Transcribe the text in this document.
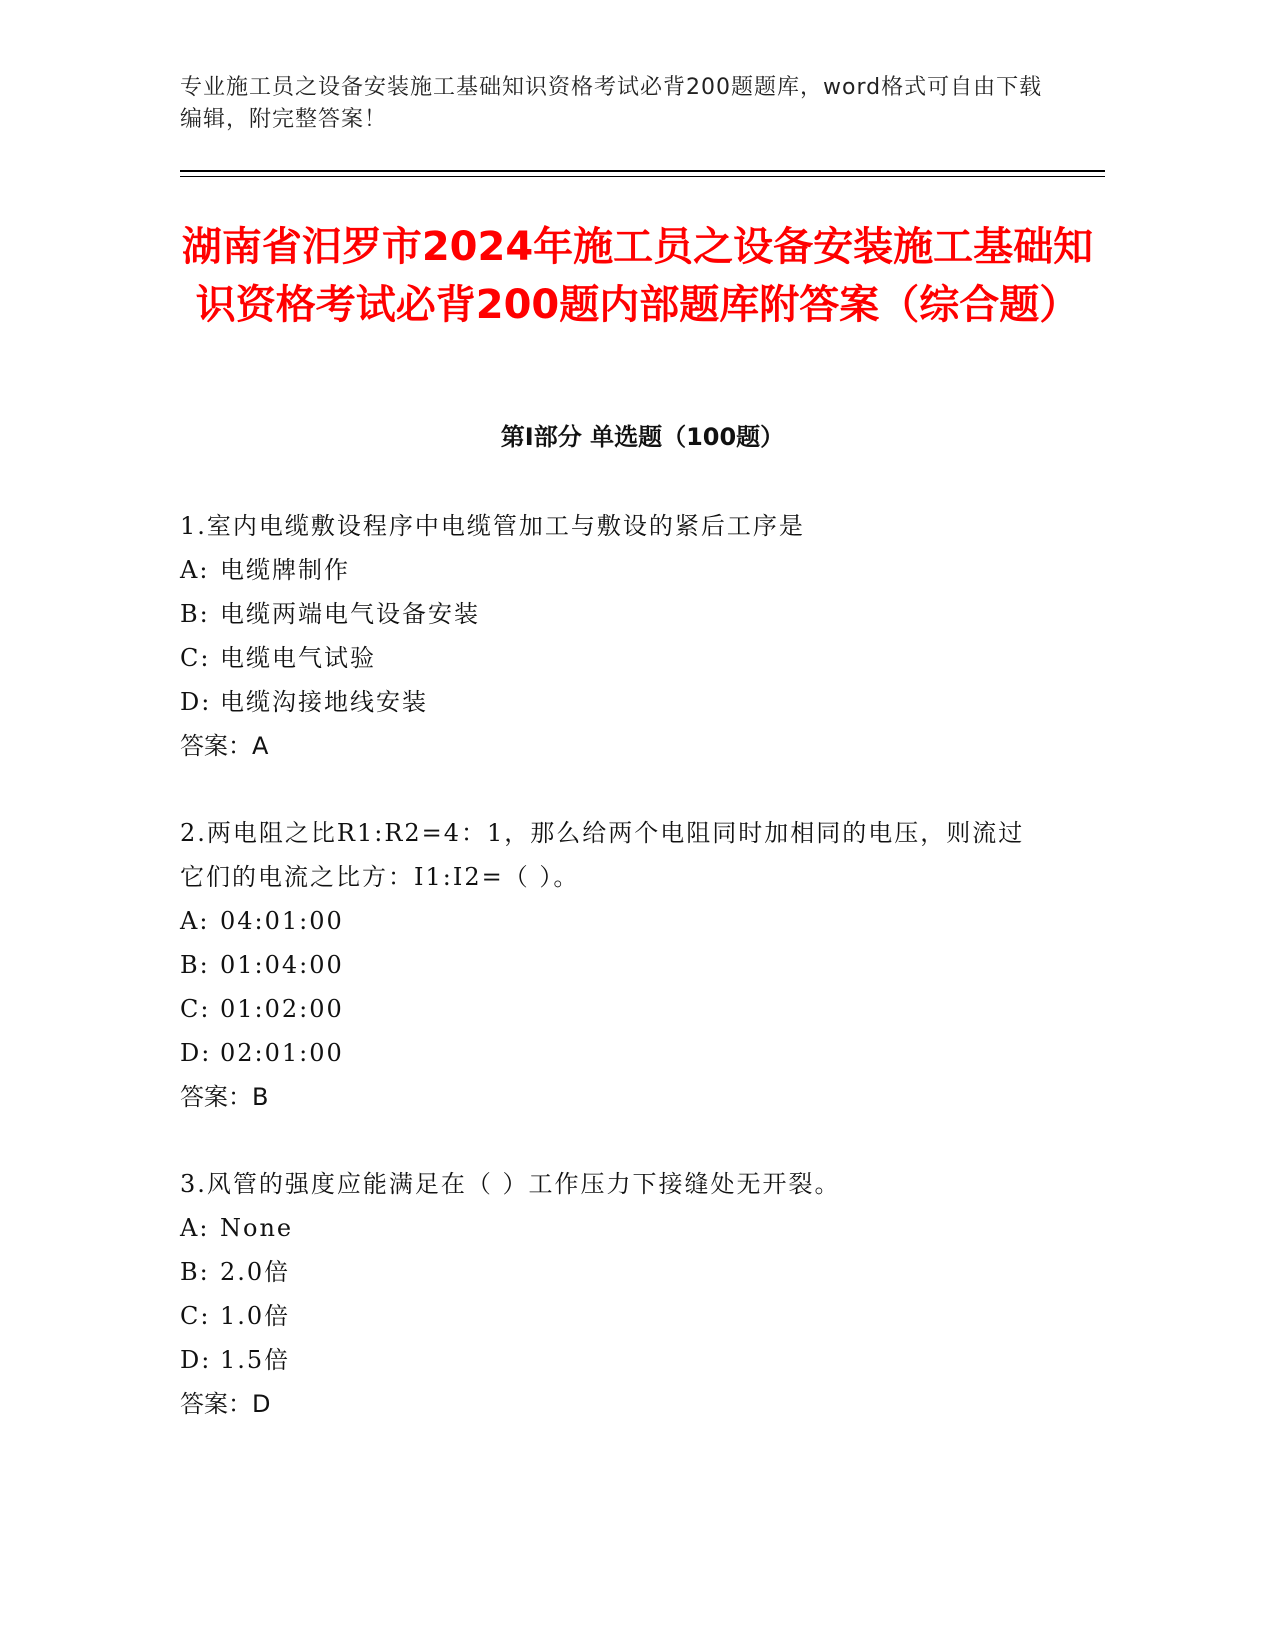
专业施工员之设备安装施工基础知识资格考试必背200题题库，word格式可自由下载编辑，附完整答案！
湖南省汨罗市2024年施工员之设备安装施工基础知识资格考试必背200题内部题库附答案（综合题）
第Ⅰ部分 单选题（100题）
1.室内电缆敷设程序中电缆管加工与敷设的紧后工序是
A: 电缆牌制作
B: 电缆两端电气设备安装
C: 电缆电气试验
D: 电缆沟接地线安装
答案：A
2.两电阻之比R1:R2=4：1，那么给两个电阻同时加相同的电压，则流过它们的电流之比方：I1:I2=（ ）。
A: 04:01:00
B: 01:04:00
C: 01:02:00
D: 02:01:00
答案：B
3.风管的强度应能满足在（ ）工作压力下接缝处无开裂。
A: None
B: 2.0倍
C: 1.0倍
D: 1.5倍
答案：D
